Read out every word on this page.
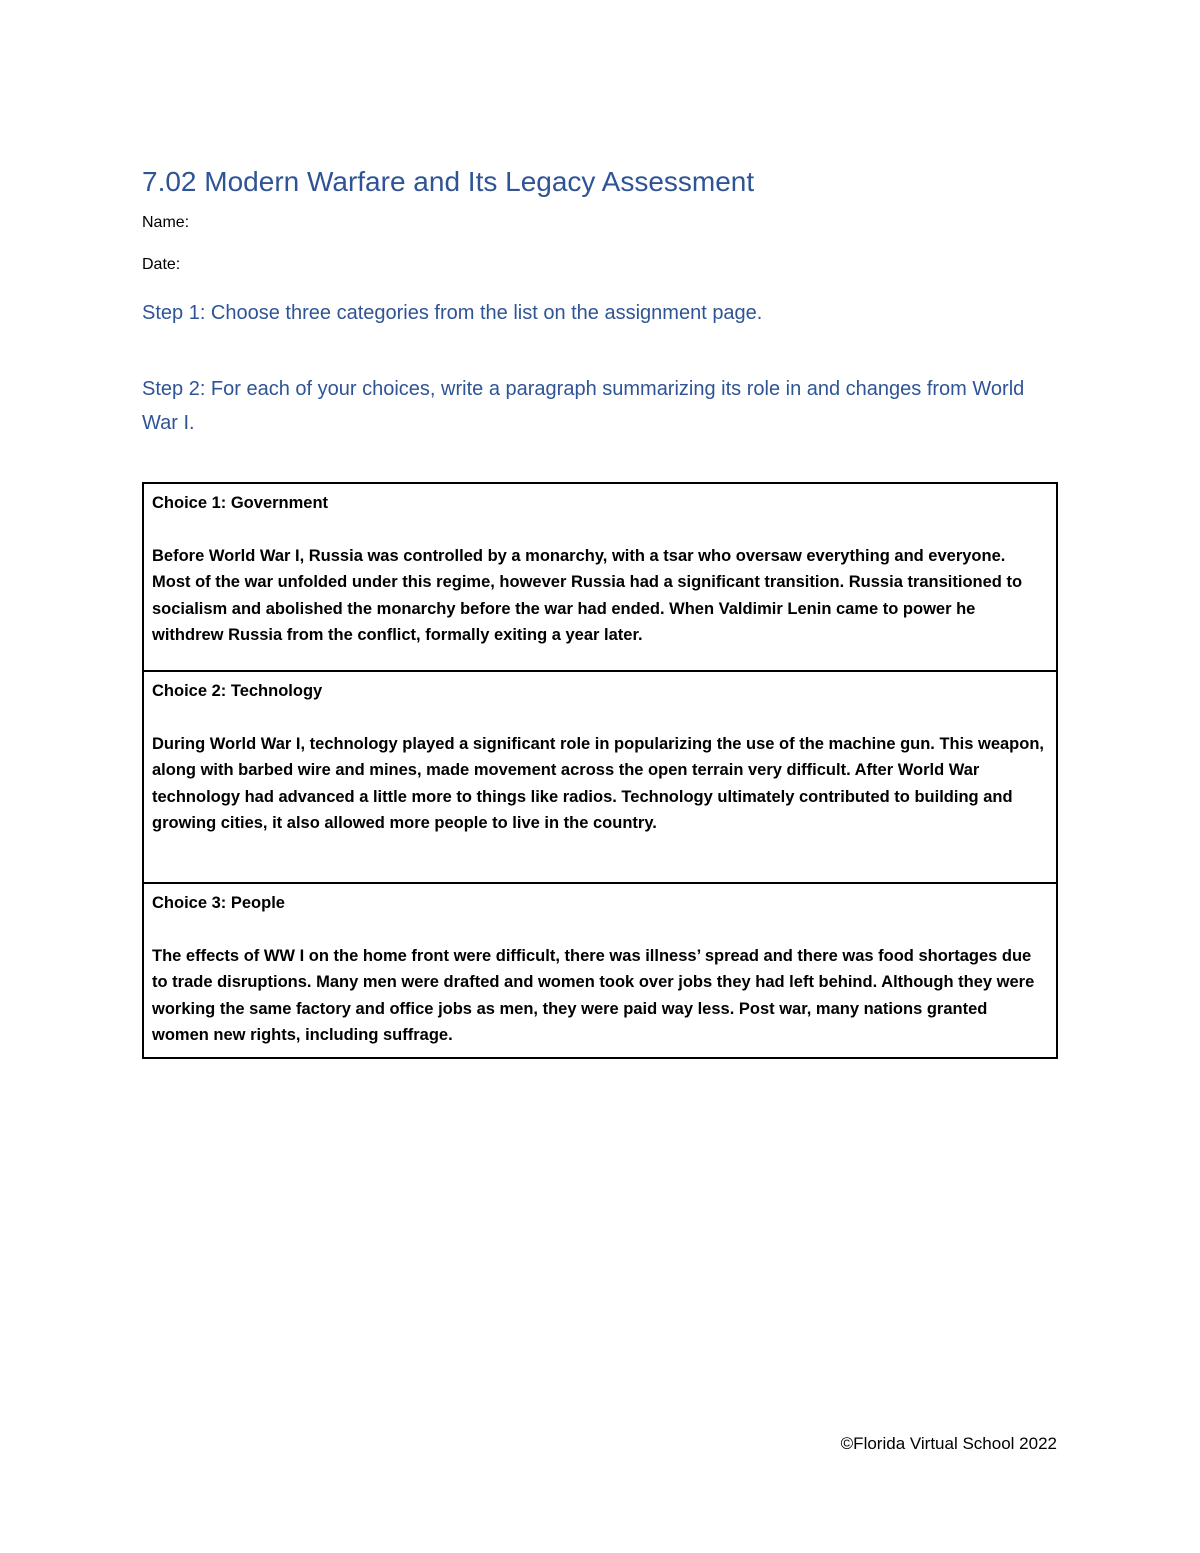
7.02 Modern Warfare and Its Legacy Assessment
Name:
Date:
Step 1: Choose three categories from the list on the assignment page.
Step 2: For each of your choices, write a paragraph summarizing its role in and changes from World War I.
Choice 1: Government
Before World War I, Russia was controlled by a monarchy, with a tsar who oversaw everything and everyone. Most of the war unfolded under this regime, however Russia had a significant transition. Russia transitioned to socialism and abolished the monarchy before the war had ended. When Valdimir Lenin came to power he withdrew Russia from the conflict, formally exiting a year later.

Choice 2: Technology
During World War I, technology played a significant role in popularizing the use of the machine gun. This weapon, along with barbed wire and mines, made movement across the open terrain very difficult. After World War technology had advanced a little more to things like radios. Technology ultimately contributed to building and growing cities, it also allowed more people to live in the country.

Choice 3: People
The effects of WW I on the home front were difficult, there was illness’ spread and there was food shortages due to trade disruptions. Many men were drafted and women took over jobs they had left behind. Although they were working the same factory and office jobs as men, they were paid way less. Post war, many nations granted women new rights, including suffrage.
©Florida Virtual School 2022
